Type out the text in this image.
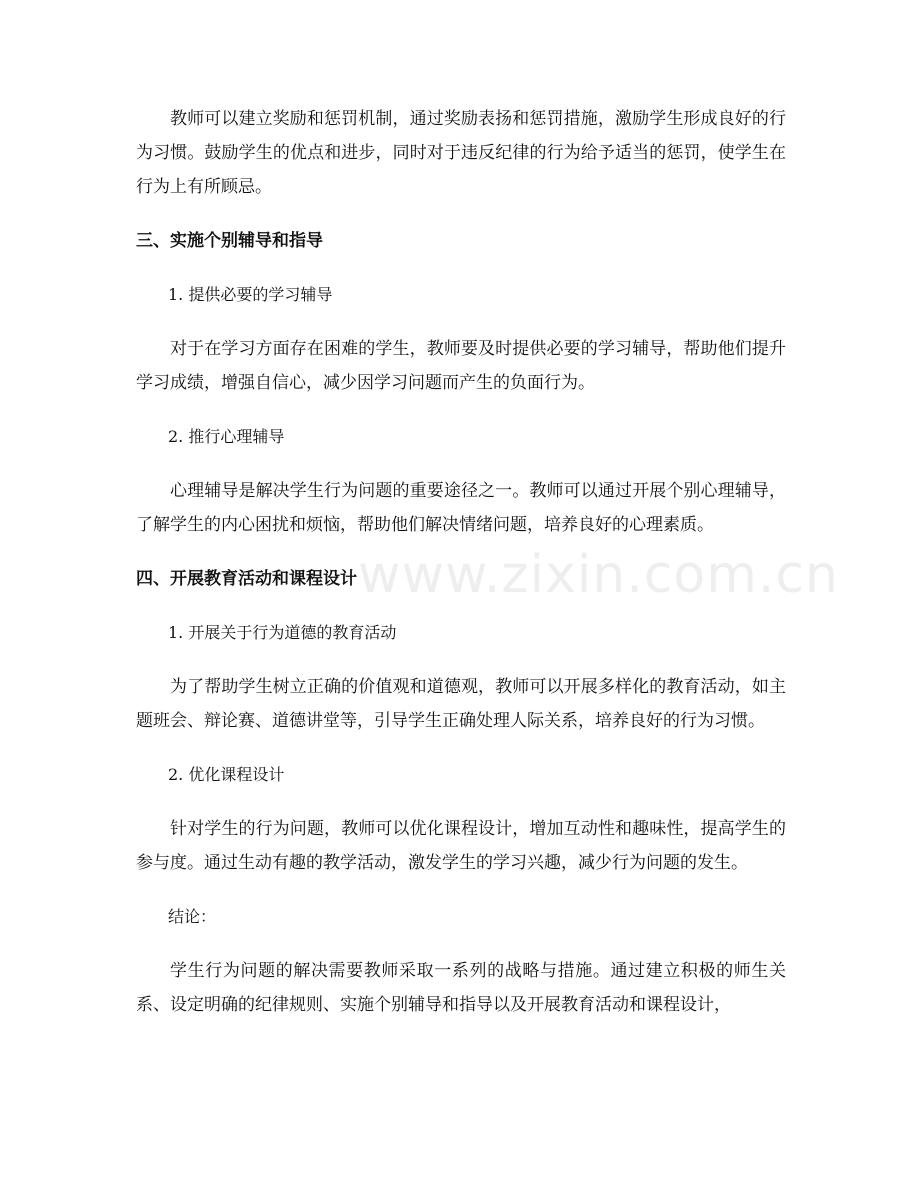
教师可以建立奖励和惩罚机制，通过奖励表扬和惩罚措施，激励学生形成良好的行为习惯。鼓励学生的优点和进步，同时对于违反纪律的行为给予适当的惩罚，使学生在行为上有所顾忌。

三、实施个别辅导和指导

1. 提供必要的学习辅导

对于在学习方面存在困难的学生，教师要及时提供必要的学习辅导，帮助他们提升学习成绩，增强自信心，减少因学习问题而产生的负面行为。

2. 推行心理辅导

心理辅导是解决学生行为问题的重要途径之一。教师可以通过开展个别心理辅导，了解学生的内心困扰和烦恼，帮助他们解决情绪问题，培养良好的心理素质。

四、开展教育活动和课程设计

1. 开展关于行为道德的教育活动

为了帮助学生树立正确的价值观和道德观，教师可以开展多样化的教育活动，如主题班会、辩论赛、道德讲堂等，引导学生正确处理人际关系，培养良好的行为习惯。

2. 优化课程设计

针对学生的行为问题，教师可以优化课程设计，增加互动性和趣味性，提高学生的参与度。通过生动有趣的教学活动，激发学生的学习兴趣，减少行为问题的发生。

结论：

学生行为问题的解决需要教师采取一系列的战略与措施。通过建立积极的师生关系、设定明确的纪律规则、实施个别辅导和指导以及开展教育活动和课程设计，

www.zixin.com.cn
